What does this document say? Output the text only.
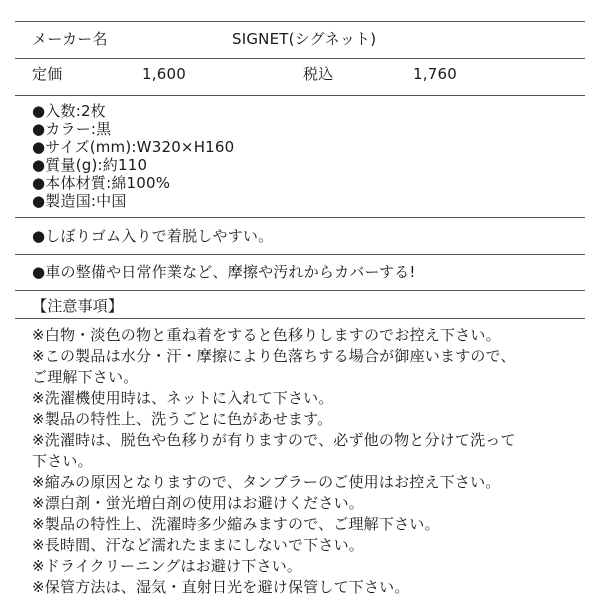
メーカー名	SIGNET(シグネット)
定価	1,600	税込	1,760
●入数:2枚
●カラー:黒
●サイズ(mm):W320×H160
●質量(g):約110
●本体材質:綿100%
●製造国:中国
●しぼりゴム入りで着脱しやすい。
●車の整備や日常作業など、摩擦や汚れからカバーする!
【注意事項】
※白物・淡色の物と重ね着をすると色移りしますのでお控え下さい。
※この製品は水分・汗・摩擦により色落ちする場合が御座いますので、
ご理解下さい。
※洗濯機使用時は、ネットに入れて下さい。
※製品の特性上、洗うごとに色があせます。
※洗濯時は、脱色や色移りが有りますので、必ず他の物と分けて洗って
下さい。
※縮みの原因となりますので、タンブラーのご使用はお控え下さい。
※漂白剤・蛍光増白剤の使用はお避けください。
※製品の特性上、洗濯時多少縮みますので、ご理解下さい。
※長時間、汗など濡れたままにしないで下さい。
※ドライクリーニングはお避け下さい。
※保管方法は、湿気・直射日光を避け保管して下さい。
